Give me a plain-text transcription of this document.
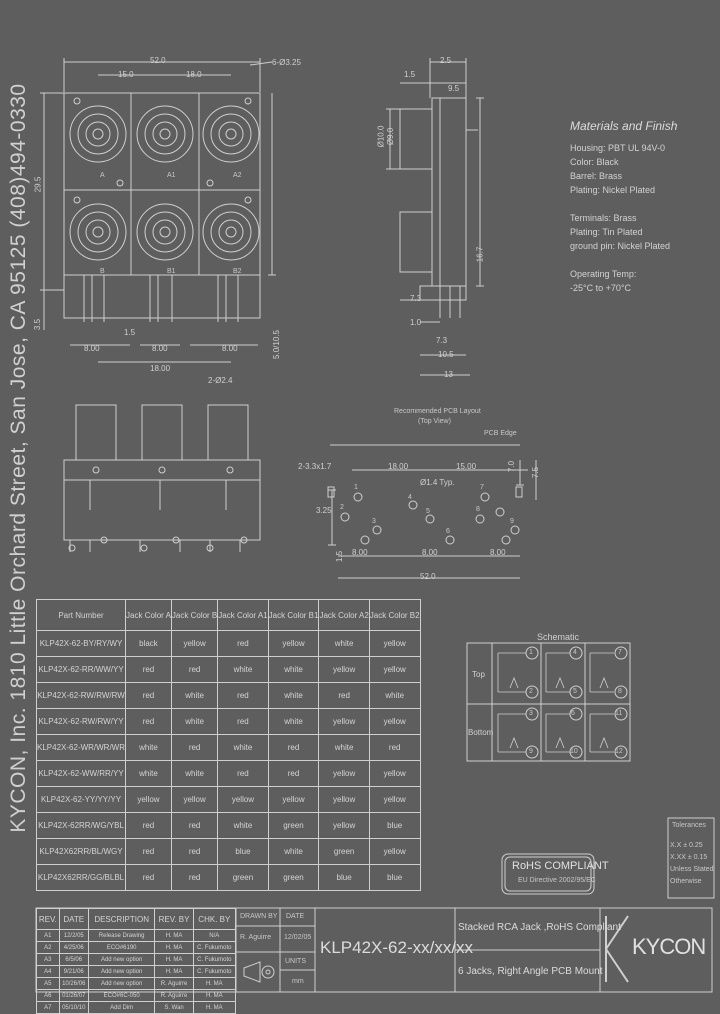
KYCON, Inc. 1810 Little Orchard Street, San Jose, CA 95125 (408)494-0330
52.0
15.0	18.0
6-Ø3.25	2.5
1.5
9.5
Ø10.0 Ø9.0
29.5
3.5
8.00	8.00	8.00
1.5
18.00
2-Ø2.4
7.3
1.0
7.3
10.5
13
5.0/10.5
16.7
A
B
A1
B1
A2
B2
Recommended PCB Layout
(Top View)
PCB Edge
2-3.3x1.7	18.00	15.00
Ø1.4 Typ.
7.0
7.5
3.25
8.00	8.00	8.00
52.0
1.5
1
2
3
4
5
6
7
8
9
Materials and Finish
Housing: PBT UL 94V-0
Color: Black
Barrel: Brass
Plating: Nickel Plated

Terminals: Brass
Plating: Tin Plated
ground pin: Nickel Plated

Operating Temp:
-25°C to +70°C
Part Number	Jack Color A	Jack Color B	Jack Color A1	Jack Color B1	Jack Color A2	Jack Color B2
KLP42X-62-BY/RY/WY	black	yellow	red	yellow	white	yellow
KLP42X-62-RR/WW/YY	red	red	white	white	yellow	yellow
KLP42X-62-RW/RW/RW	red	white	red	white	red	white
KLP42X-62-RW/RW/YY	red	white	red	white	yellow	yellow
KLP42X-62-WR/WR/WR	white	red	white	red	white	red
KLP42X-62-WW/RR/YY	white	white	red	red	yellow	yellow
KLP42X-62-YY/YY/YY	yellow	yellow	yellow	yellow	yellow	yellow
KLP42X-62RR/WG/YBL	red	red	white	green	yellow	blue
KLP42X62RR/BL/WGY	red	red	blue	white	green	yellow
KLP42X62RR/GG/BLBL	red	red	green	green	blue	blue
Schematic
Top
Bottom
1
2
4
5
7
8
3
9
6
10
11
12
Tolerances
X.X ± 0.25
X.XX ± 0.15
Unless Stated
Otherwise
RoHS COMPLIANT
EU Directive 2002/95/EC
REV.	DATE	DESCRIPTION	REV. BY	CHK. BY
A1	12/2/05	Release Drawing	H. MA	N/A
A2	4/25/06	ECO#6190	H. MA	C. Fukumoto
A3	6/5/06	Add new option	H. MA	C. Fukumoto
A4	9/21/06	Add new option	H. MA	C. Fukumoto
A5	10/26/06	Add new option	R. Aguirre	H. MA
A6	01/26/07	ECO#6C-050	R. Aguirre	H. MA
A7	05/10/10	Add Dim	S. Wan	H. MA
DRAWN BY DATE
R. Aguirre 12/02/05
UNITS
mm
KLP42X-62-xx/xx/xx
Stacked RCA Jack ,RoHS Compliant
6 Jacks, Right Angle PCB Mount
KYCON
